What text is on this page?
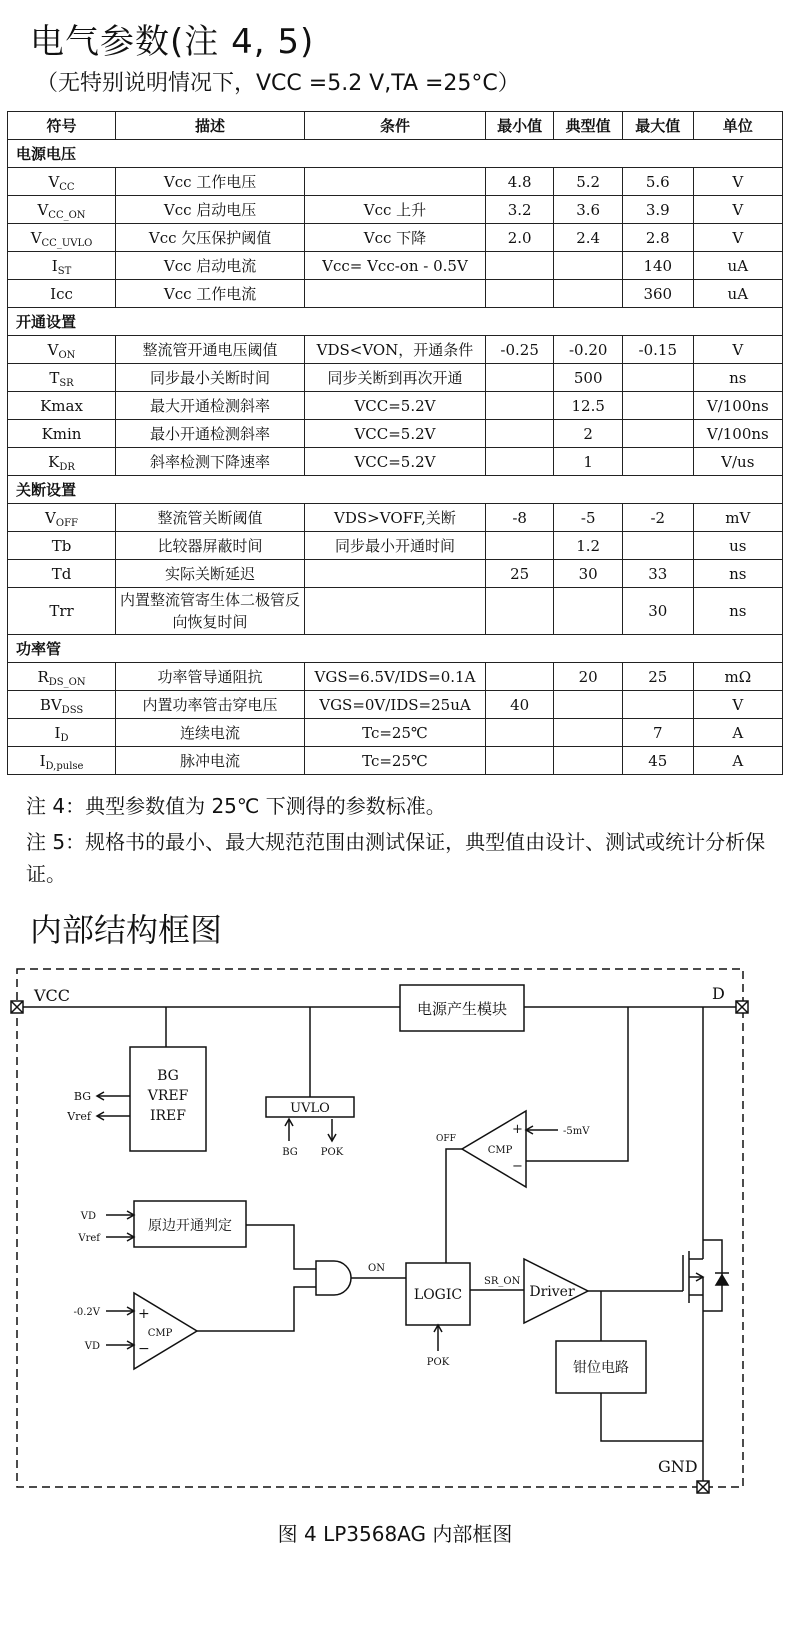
电气参数(注 4, 5)
（无特别说明情况下，VCC =5.2 V,TA =25°C）
符号	描述	条件	最小值	典型值	最大值	单位
电源电压						
$V_{CC}$	Vcc 工作电压		4.8	5.2	5.6	V
$V_{CC\_ON}$	Vcc 启动电压	Vcc 上升	3.2	3.6	3.9	V
$V_{CC\_UVLO}$	Vcc 欠压保护阈值	Vcc 下降	2.0	2.4	2.8	V
$I_{ST}$	Vcc 启动电流	Vcc= Vcc-on - 0.5V			140	uA
Icc	Vcc 工作电流				360	uA
开通设置						
$V_{ON}$	整流管开通电压阈值	VDS<VON，开通条件	-0.25	-0.20	-0.15	V
$T_{SR}$	同步最小关断时间	同步关断到再次开通		500		ns
Kmax	最大开通检测斜率	VCC=5.2V		12.5		V/100ns
Kmin	最小开通检测斜率	VCC=5.2V		2		V/100ns
$K_{DR}$	斜率检测下降速率	VCC=5.2V		1		V/us
关断设置						
$V_{OFF}$	整流管关断阈值	VDS>VOFF,关断	-8	-5	-2	mV
Tb	比较器屏蔽时间	同步最小开通时间		1.2		us
Td	实际关断延迟		25	30	33	ns
Trr	内置整流管寄生体二极管反向恢复时间				30	ns
功率管						
$R_{DS\_ON}$	功率管导通阻抗	VGS=6.5V/IDS=0.1A		20	25	mΩ
$BV_{DSS}$	内置功率管击穿电压	VGS=0V/IDS=25uA	40			V
$I_D$	连续电流	Tc=25℃			7	A
$I_{D,pulse}$	脉冲电流	Tc=25℃			45	A
注 4：典型参数值为 25℃ 下测得的参数标准。
注 5：规格书的最小、最大规范范围由测试保证，典型值由设计、测试或统计分析保证。
内部结构框图
VCC	D
电源产生模块
BG
VREF
IREF
BG
Vref
UVLO
BG POK	CMP
+
−
-5mV
OFF
原边开通判定
VD
Vref
CMP
+
−
-0.2V
VD
ON
LOGIC
POK
SR_ON
Driver
钳位电路
GND
图 4 LP3568AG 内部框图
